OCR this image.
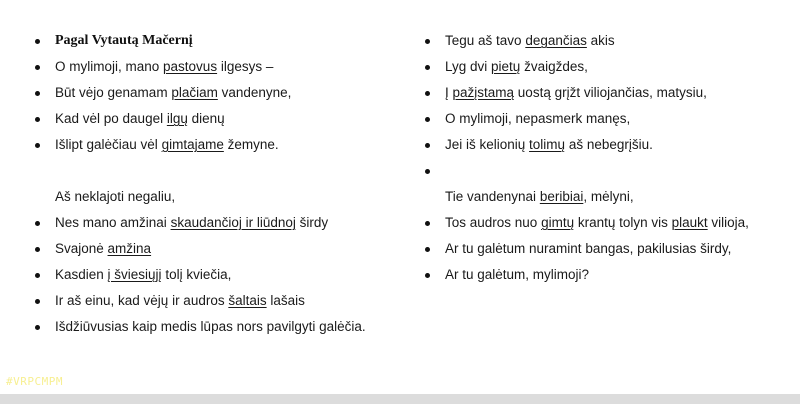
Pagal Vytautą Mačernį
O mylimoji, mano pastovus ilgesys –
Būt vėjo genamam plačiam vandenyne,
Kad vėl po daugel ilgų dienų
Išlipt galėčiau vėl gimtajame žemyne.
Aš neklajoti negaliu,
Nes mano amžinai skaudančioj ir liūdnoj širdy
Svajonė amžina
Kasdien į šviesiųjį tolį kviečia,
Ir aš einu, kad vėjų ir audros šaltais lašais
Išdžiūvusias kaip medis lūpas nors pavilgyti galėčia.
Tegu aš tavo degančias akis
Lyg dvi pietų žvaigždes,
Į pažįstamą uostą grįžt viliojančias, matysiu,
O mylimoji, nepasmerk manęs,
Jei iš kelionių tolimų aš nebegrįšiu.
Tie vandenynai beribiai, mėlyni,
Tos audros nuo gimtų krantų tolyn vis plaukt vilioja,
Ar tu galėtum nuramint bangas, pakilusias širdy,
Ar tu galėtum, mylimoji?
#VRPCMPM
